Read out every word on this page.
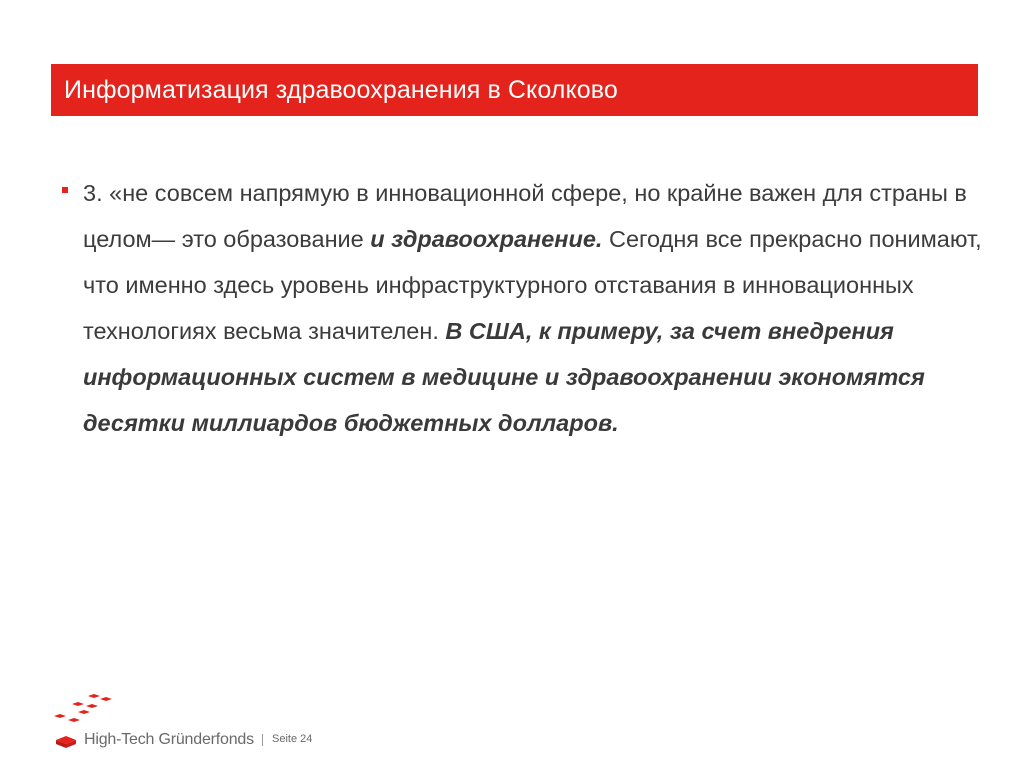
Информатизация здравоохранения в Сколково

3. «не совсем напрямую в инновационной сфере, но крайне важен для страны в целом— это образование и здравоохранение. Сегодня все прекрасно понимают, что именно здесь уровень инфраструктурного отставания в инновационных технологиях весьма значителен. В США, к примеру, за счет внедрения информационных систем в медицине и здравоохранении экономятся десятки миллиардов бюджетных долларов.

High-Tech Gründerfonds Seite 24
